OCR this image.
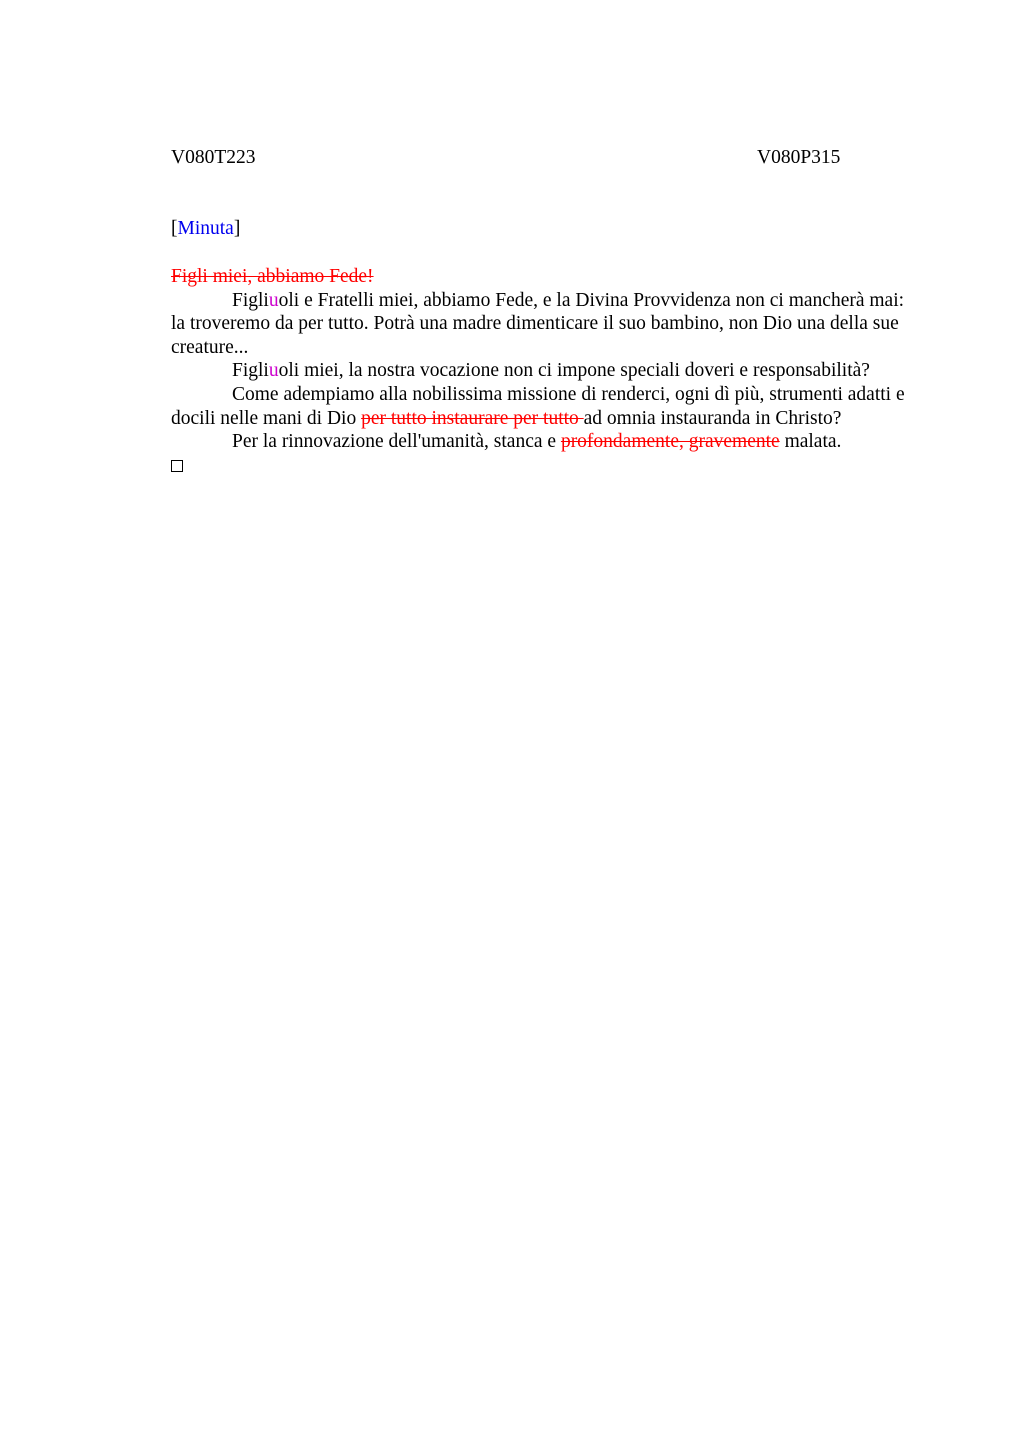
V080T223	V080P315
[Minuta]

Figli miei, abbiamo Fede!

Figliuoli e Fratelli miei, abbiamo Fede, e la Divina Provvidenza non ci mancherà mai: la troveremo da per tutto. Potrà una madre dimenticare il suo bambino, non Dio una della sue creature...

Figliuoli miei, la nostra vocazione non ci impone speciali doveri e responsabilità?

Come adempiamo alla nobilissima missione di renderci, ogni dì più, strumenti adatti e docili nelle mani di Dio per tutto instaurare per tutto ad omnia instauranda in Christo?

Per la rinnovazione dell'umanità, stanca e profondamente, gravemente malata.
